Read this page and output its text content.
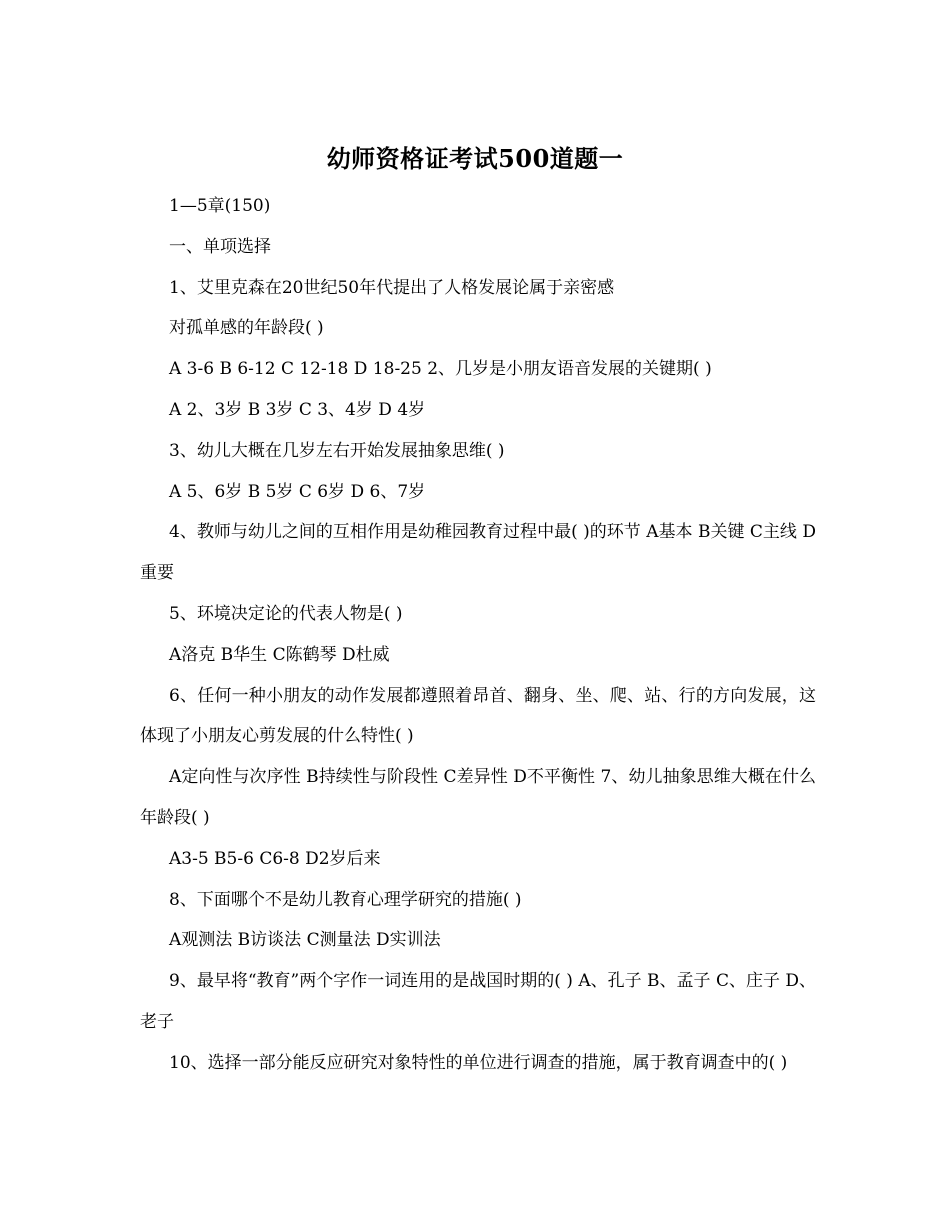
幼师资格证考试500道题一

1—5章(150)

一、单项选择

1、艾里克森在20世纪50年代提出了人格发展论属于亲密感

对孤单感的年龄段( )

A 3-6 B 6-12 C 12-18 D 18-25 2、几岁是小朋友语音发展的关键期( )

A 2、3岁 B 3岁 C 3、4岁 D 4岁

3、幼儿大概在几岁左右开始发展抽象思维( )

A 5、6岁 B 5岁 C 6岁 D 6、7岁

4、教师与幼儿之间的互相作用是幼稚园教育过程中最( )的环节 A基本 B关键 C主线 D重要

5、环境决定论的代表人物是( )

A洛克 B华生 C陈鹤琴 D杜威

6、任何一种小朋友的动作发展都遵照着昂首、翻身、坐、爬、站、行的方向发展，这体现了小朋友心剪发展的什么特性( )

A定向性与次序性 B持续性与阶段性 C差异性 D不平衡性 7、幼儿抽象思维大概在什么年龄段( )

A3-5 B5-6 C6-8 D2岁后来

8、下面哪个不是幼儿教育心理学研究的措施( )

A观测法 B访谈法 C测量法 D实训法

9、最早将“教育”两个字作一词连用的是战国时期的( ) A、孔子 B、孟子 C、庄子 D、老子

10、选择一部分能反应研究对象特性的单位进行调查的措施，属于教育调查中的( )
